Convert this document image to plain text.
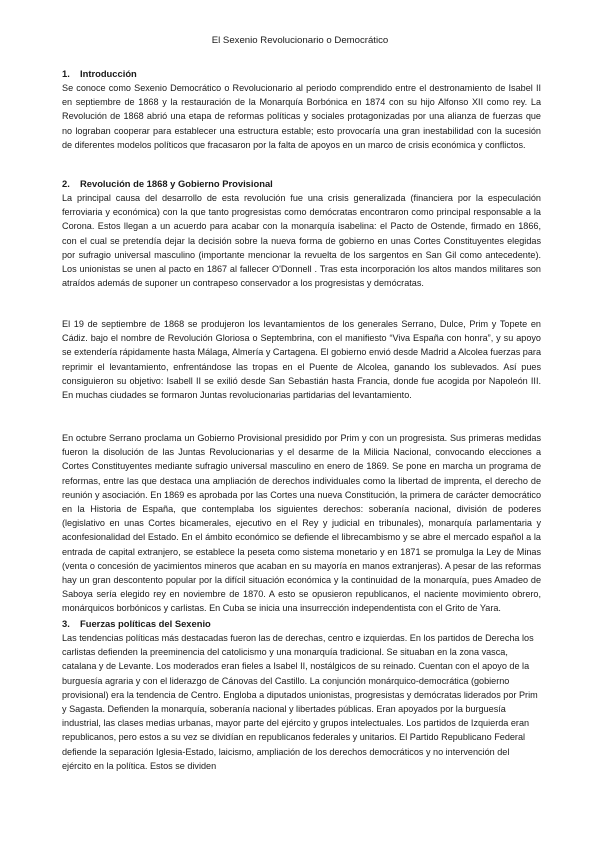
El Sexenio Revolucionario o Democrático
1. Introducción

Se conoce como Sexenio Democrático o Revolucionario al periodo comprendido entre el destronamiento de Isabel II en septiembre de 1868 y la restauración de la Monarquía Borbónica en 1874 con su hijo Alfonso XII como rey. La Revolución de 1868 abrió una etapa de reformas políticas y sociales protagonizadas por una alianza de fuerzas que no lograban cooperar para establecer una estructura estable; esto provocaría una gran inestabilidad con la sucesión de diferentes modelos políticos que fracasaron por la falta de apoyos en un marco de crisis económica y conflictos.

2. Revolución de 1868 y Gobierno Provisional

La principal causa del desarrollo de esta revolución fue una crisis generalizada (financiera por la especulación ferroviaria y económica) con la que tanto progresistas como demócratas encontraron como principal responsable a la Corona. Estos llegan a un acuerdo para acabar con la monarquía isabelina: el Pacto de Ostende, firmado en 1866, con el cual se pretendía dejar la decisión sobre la nueva forma de gobierno en unas Cortes Constituyentes elegidas por sufragio universal masculino (importante mencionar la revuelta de los sargentos en San Gil como antecedente). Los unionistas se unen al pacto en 1867 al fallecer O'Donnell . Tras esta incorporación los altos mandos militares son atraídos además de suponer un contrapeso conservador a los progresistas y demócratas.

El 19 de septiembre de 1868 se produjeron los levantamientos de los generales Serrano, Dulce, Prim y Topete en Cádiz. bajo el nombre de Revolución Gloriosa o Septembrina, con el manifiesto “Viva España con honra”, y su apoyo se extendería rápidamente hasta Málaga, Almería y Cartagena. El gobierno envió desde Madrid a Alcolea fuerzas para reprimir el levantamiento, enfrentándose las tropas en el Puente de Alcolea, ganando los sublevados. Así pues consiguieron su objetivo: Isabell II se exilió desde San Sebastián hasta Francia, donde fue acogida por Napoleón III. En muchas ciudades se formaron Juntas revolucionarias partidarias del levantamiento.

En octubre Serrano proclama un Gobierno Provisional presidido por Prim y con un progresista. Sus primeras medidas fueron la disolución de las Juntas Revolucionarias y el desarme de la Milicia Nacional, convocando elecciones a Cortes Constituyentes mediante sufragio universal masculino en enero de 1869. Se pone en marcha un programa de reformas, entre las que destaca una ampliación de derechos individuales como la libertad de imprenta, el derecho de reunión y asociación. En 1869 es aprobada por las Cortes una nueva Constitución, la primera de carácter democrático en la Historia de España, que contemplaba los siguientes derechos: soberanía nacional, división de poderes (legislativo en unas Cortes bicamerales, ejecutivo en el Rey y judicial en tribunales), monarquía parlamentaria y aconfesionalidad del Estado. En el ámbito económico se defiende el librecambismo y se abre el mercado español a la entrada de capital extranjero, se establece la peseta como sistema monetario y en 1871 se promulga la Ley de Minas (venta o concesión de yacimientos mineros que acaban en su mayoría en manos extranjeras). A pesar de las reformas hay un gran descontento popular por la difícil situación económica y la continuidad de la monarquía, pues Amadeo de Saboya sería elegido rey en noviembre de 1870. A esto se opusieron republicanos, el naciente movimiento obrero, monárquicos borbónicos y carlistas. En Cuba se inicia una insurrección independentista con el Grito de Yara.

3. Fuerzas políticas del Sexenio

Las tendencias políticas más destacadas fueron las de derechas, centro e izquierdas. En los partidos de Derecha los carlistas defienden la preeminencia del catolicismo y una monarquía tradicional. Se situaban en la zona vasca, catalana y de Levante. Los moderados eran fieles a Isabel II, nostálgicos de su reinado. Cuentan con el apoyo de la burguesía agraria y con el liderazgo de Cánovas del Castillo. La conjunción monárquico-democrática (gobierno provisional) era la tendencia de Centro. Engloba a diputados unionistas, progresistas y demócratas liderados por Prim y Sagasta. Defienden la monarquía, soberanía nacional y libertades públicas. Eran apoyados por la burguesía industrial, las clases medias urbanas, mayor parte del ejército y grupos intelectuales. Los partidos de Izquierda eran republicanos, pero estos a su vez se dividían en republicanos federales y unitarios. El Partido Republicano Federal defiende la separación Iglesia-Estado, laicismo, ampliación de los derechos democráticos y no intervención del ejército en la política. Estos se dividen
